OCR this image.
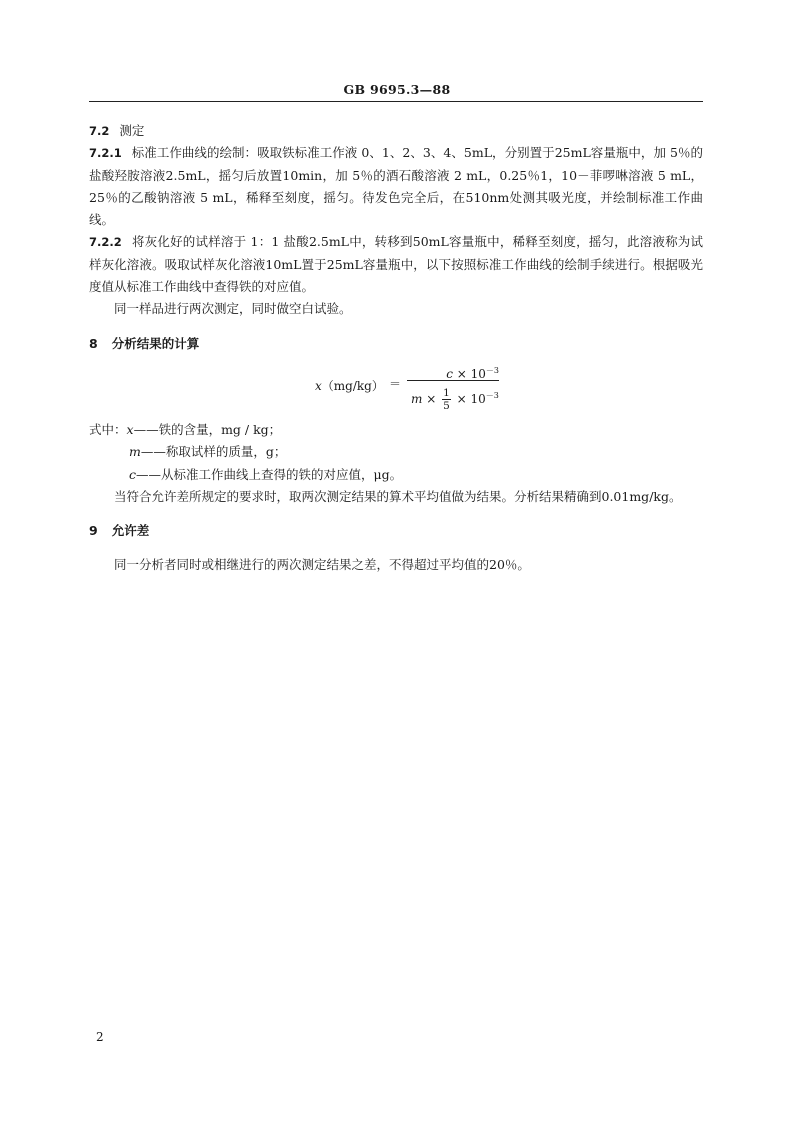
GB 9695.3—88

7.2 测定

7.2.1 标准工作曲线的绘制：吸取铁标准工作液 0、1、2、3、4、5mL，分别置于25mL容量瓶中，加 5％的盐酸羟胺溶液2.5mL，摇匀后放置10min，加 5％的酒石酸溶液 2 mL，0.25％1，10－菲啰啉溶液 5 mL，25％的乙酸钠溶液 5 mL，稀释至刻度，摇匀。待发色完全后，在510nm处测其吸光度，并绘制标准工作曲线。

7.2.2 将灰化好的试样溶于 1：1 盐酸2.5mL中，转移到50mL容量瓶中，稀释至刻度，摇匀，此溶液称为试样灰化溶液。吸取试样灰化溶液10mL置于25mL容量瓶中，以下按照标准工作曲线的绘制手续进行。根据吸光度值从标准工作曲线中查得铁的对应值。

同一样品进行两次测定，同时做空白试验。

8 分析结果的计算

x（mg/kg） ＝
$c \times 10^{-3}$
$m \times \frac{1}{5} \times 10^{-3}$

式中：x——铁的含量，mg / kg；

m——称取试样的质量，g；

c——从标准工作曲线上查得的铁的对应值，μg。

当符合允许差所规定的要求时，取两次测定结果的算术平均值做为结果。分析结果精确到0.01mg/kg。

9 允许差

同一分析者同时或相继进行的两次测定结果之差，不得超过平均值的20％。

2
